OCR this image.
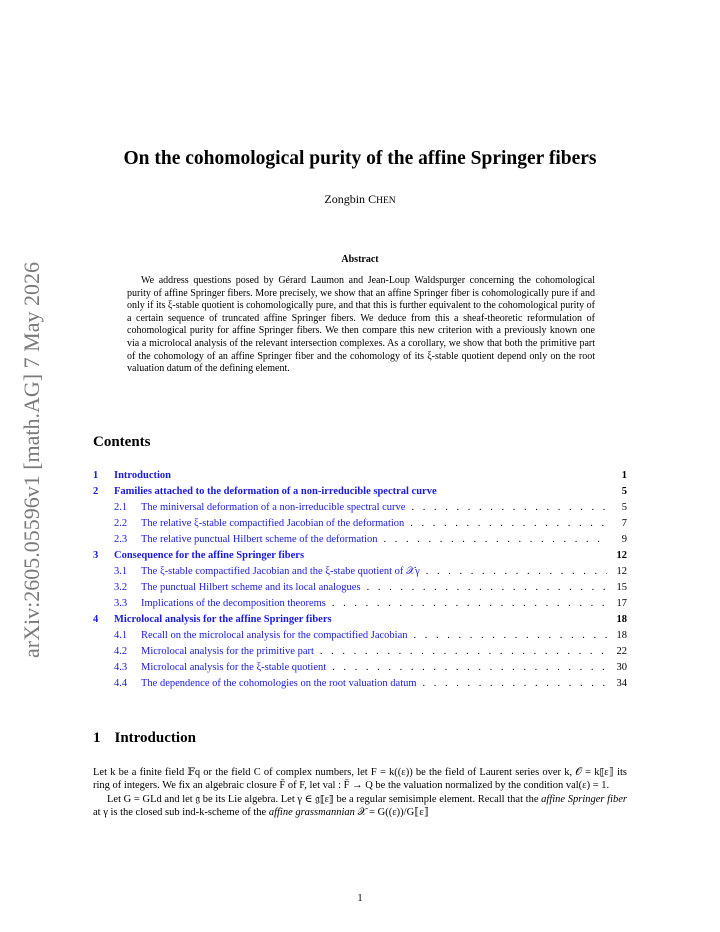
arXiv:2605.05596v1 [math.AG] 7 May 2026
On the cohomological purity of the affine Springer fibers
Zongbin CHEN
Abstract

We address questions posed by Gérard Laumon and Jean-Loup Waldspurger concerning the cohomological purity of affine Springer fibers. More precisely, we show that an affine Springer fiber is cohomologically pure if and only if its ξ-stable quotient is cohomologically pure, and that this is further equivalent to the cohomological purity of a certain sequence of truncated affine Springer fibers. We deduce from this a sheaf-theoretic reformulation of cohomological purity for affine Springer fibers. We then compare this new criterion with a previously known one via a microlocal analysis of the relevant intersection complexes. As a corollary, we show that both the primitive part of the cohomology of an affine Springer fiber and the cohomology of its ξ-stable quotient depend only on the root valuation datum of the defining element.

Contents
1	Introduction	1
2	Families attached to the deformation of a non-irreducible spectral curve	5
2.1	The miniversal deformation of a non-irreducible spectral curve . . .	5
2.2	The relative ξ-stable compactified Jacobian of the deformation . . .	7
2.3	The relative punctual Hilbert scheme of the deformation . . .	9
3	Consequence for the affine Springer fibers	12
3.1	The ξ-stable compactified Jacobian and the ξ-stabe quotient of 𝒳γ . . .	12
3.2	The punctual Hilbert scheme and its local analogues . . .	15
3.3	Implications of the decomposition theorems . . .	17
4	Microlocal analysis for the affine Springer fibers	18
4.1	Recall on the microlocal analysis for the compactified Jacobian . . .	18
4.2	Microlocal analysis for the primitive part . . .	22
4.3	Microlocal analysis for the ξ-stable quotient . . .	30
4.4	The dependence of the cohomologies on the root valuation datum . . .	34
1 Introduction

Let k be a finite field 𝔽q or the field C of complex numbers, let F = k((ε)) be the field of Laurent series over k, 𝒪 = k⟦ε⟧ its ring of integers. We fix an algebraic closure F̄ of F, let val : F̄ → Q be the valuation normalized by the condition val(ε) = 1.

Let G = GLd and let 𝔤 be its Lie algebra. Let γ ∈ 𝔤⟦ε⟧ be a regular semisimple element. Recall that the affine Springer fiber at γ is the closed sub ind-k-scheme of the affine grassmannian 𝒳 = G((ε))/G⟦ε⟧

1
